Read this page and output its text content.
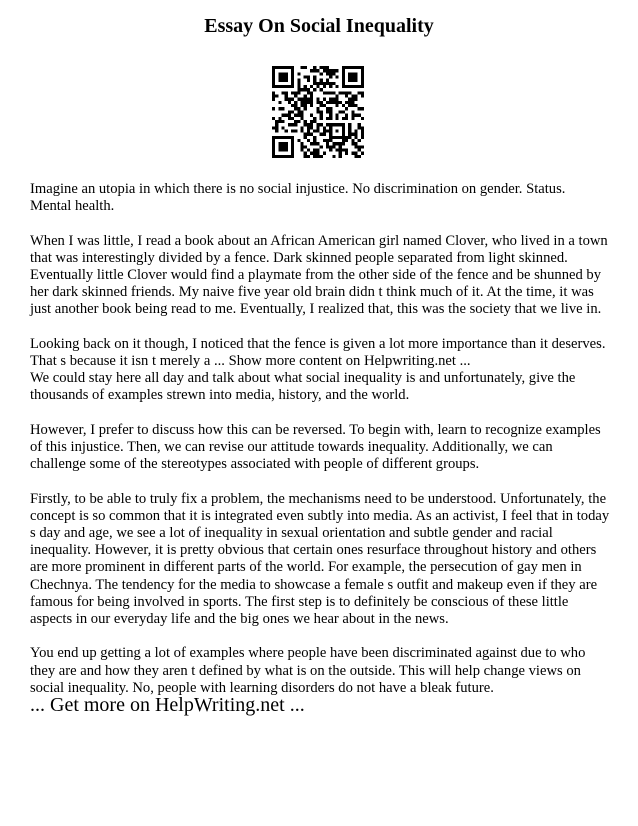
Essay On Social Inequality

Imagine an utopia in which there is no social injustice. No discrimination on gender. Status. Mental health.

When I was little, I read a book about an African American girl named Clover, who lived in a town that was interestingly divided by a fence. Dark skinned people separated from light skinned. Eventually little Clover would find a playmate from the other side of the fence and be shunned by her dark skinned friends. My naive five year old brain didn t think much of it. At the time, it was just another book being read to me. Eventually, I realized that, this was the society that we live in.

Looking back on it though, I noticed that the fence is given a lot more importance than it deserves. That s because it isn t merely a ... Show more content on Helpwriting.net ...

We could stay here all day and talk about what social inequality is and unfortunately, give the thousands of examples strewn into media, history, and the world.

However, I prefer to discuss how this can be reversed. To begin with, learn to recognize examples of this injustice. Then, we can revise our attitude towards inequality. Additionally, we can challenge some of the stereotypes associated with people of different groups.

Firstly, to be able to truly fix a problem, the mechanisms need to be understood. Unfortunately, the concept is so common that it is integrated even subtly into media. As an activist, I feel that in today s day and age, we see a lot of inequality in sexual orientation and subtle gender and racial inequality. However, it is pretty obvious that certain ones resurface throughout history and others are more prominent in different parts of the world. For example, the persecution of gay men in Chechnya. The tendency for the media to showcase a female s outfit and makeup even if they are famous for being involved in sports. The first step is to definitely be conscious of these little aspects in our everyday life and the big ones we hear about in the news.

You end up getting a lot of examples where people have been discriminated against due to who they are and how they aren t defined by what is on the outside. This will help change views on social inequality. No, people with learning disorders do not have a bleak future.

... Get more on HelpWriting.net ...
